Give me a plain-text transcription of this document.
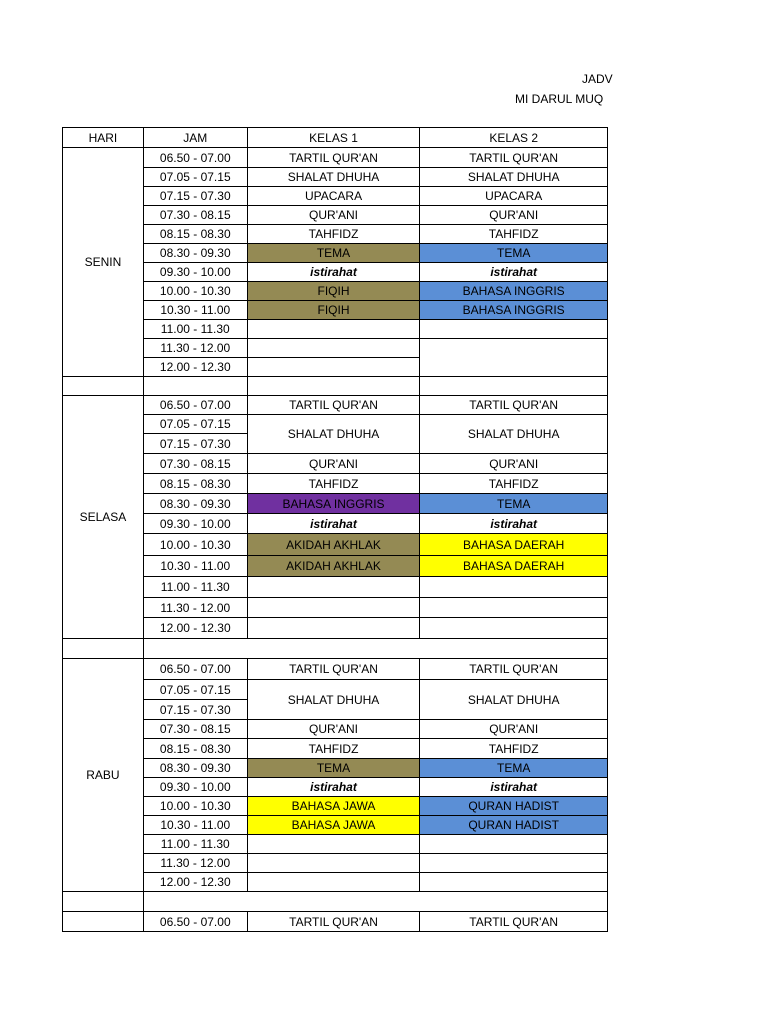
JADV
MI DARUL MUQ
HARI	JAM	KELAS 1	KELAS 2
SENIN	06.50 - 07.00	TARTIL QUR'AN	TARTIL QUR'AN
	07.05 - 07.15	SHALAT DHUHA	SHALAT DHUHA
	07.15 - 07.30	UPACARA	UPACARA
	07.30 - 08.15	QUR'ANI	QUR'ANI
	08.15 - 08.30	TAHFIDZ	TAHFIDZ
	08.30 - 09.30	TEMA	TEMA
	09.30 - 10.00	istirahat	istirahat
	10.00 - 10.30	FIQIH	BAHASA INGGRIS
	10.30 - 11.00	FIQIH	BAHASA INGGRIS
	11.00 - 11.30		
	11.30 - 12.00		
	12.00 - 12.30		

SELASA	06.50 - 07.00	TARTIL QUR'AN	TARTIL QUR'AN
	07.05 - 07.15	SHALAT DHUHA	SHALAT DHUHA
	07.15 - 07.30		
	07.30 - 08.15	QUR'ANI	QUR'ANI
	08.15 - 08.30	TAHFIDZ	TAHFIDZ
	08.30 - 09.30	BAHASA INGGRIS	TEMA
	09.30 - 10.00	istirahat	istirahat
	10.00 - 10.30	AKIDAH AKHLAK	BAHASA DAERAH
	10.30 - 11.00	AKIDAH AKHLAK	BAHASA DAERAH
	11.00 - 11.30		
	11.30 - 12.00		
	12.00 - 12.30		

RABU	06.50 - 07.00	TARTIL QUR'AN	TARTIL QUR'AN
	07.05 - 07.15	SHALAT DHUHA	SHALAT DHUHA
	07.15 - 07.30		
	07.30 - 08.15	QUR'ANI	QUR'ANI
	08.15 - 08.30	TAHFIDZ	TAHFIDZ
	08.30 - 09.30	TEMA	TEMA
	09.30 - 10.00	istirahat	istirahat
	10.00 - 10.30	BAHASA JAWA	QURAN HADIST
	10.30 - 11.00	BAHASA JAWA	QURAN HADIST
	11.00 - 11.30		
	11.30 - 12.00		
	12.00 - 12.30		

	06.50 - 07.00	TARTIL QUR'AN	TARTIL QUR'AN
